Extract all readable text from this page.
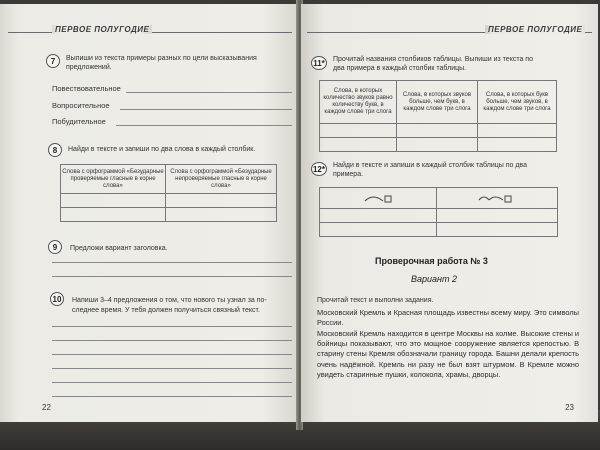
ПЕРВОЕ ПОЛУГОДИЕ
7	Выпиши из текста примеры разных по цели высказывания
предложений.
Повествовательное
Вопросительное
Побудительное
8	Найди в тексте и запиши по два слова в каждый столбик.
Слова с орфограммой «Безударные проверяемые гласные в корне слова»
Слова с орфограммой «Безударные непроверяемые гласные в корне слова»
9	Предложи вариант заголовка.
10	Напиши 3–4 предложения о том, что нового ты узнал за по-
следнее время. У тебя должен получиться связный текст.
22
ПЕРВОЕ ПОЛУГОДИЕ
11*	Прочитай названия столбиков таблицы. Выпиши из текста по
два примера в каждый столбик таблицы.
Слова, в которых количество звуков равно количеству букв, в каждом слове три слога
Слова, в которых звуков больше, чем букв, в каждом слове три слога
Слова, в которых букв больше, чем звуков, в каждом слове три слога
12* Найди в тексте и запиши в каждый столбик таблицы по два
примера.
Проверочная работа № 3
Вариант 2
Прочитай текст и выполни задания.
Московский Кремль и Красная площадь известны всему миру. Это символы России.
Московский Кремль находится в центре Москвы на холме. Высокие стены и бойницы показывают, что это мощное сооружение является крепостью. В старину стены Кремля обозначали границу города. Башни делали крепость очень надёжной. Кремль ни разу не был взят штурмом. В Кремле можно увидеть старинные пушки, колокола, храмы, дворцы.
23
